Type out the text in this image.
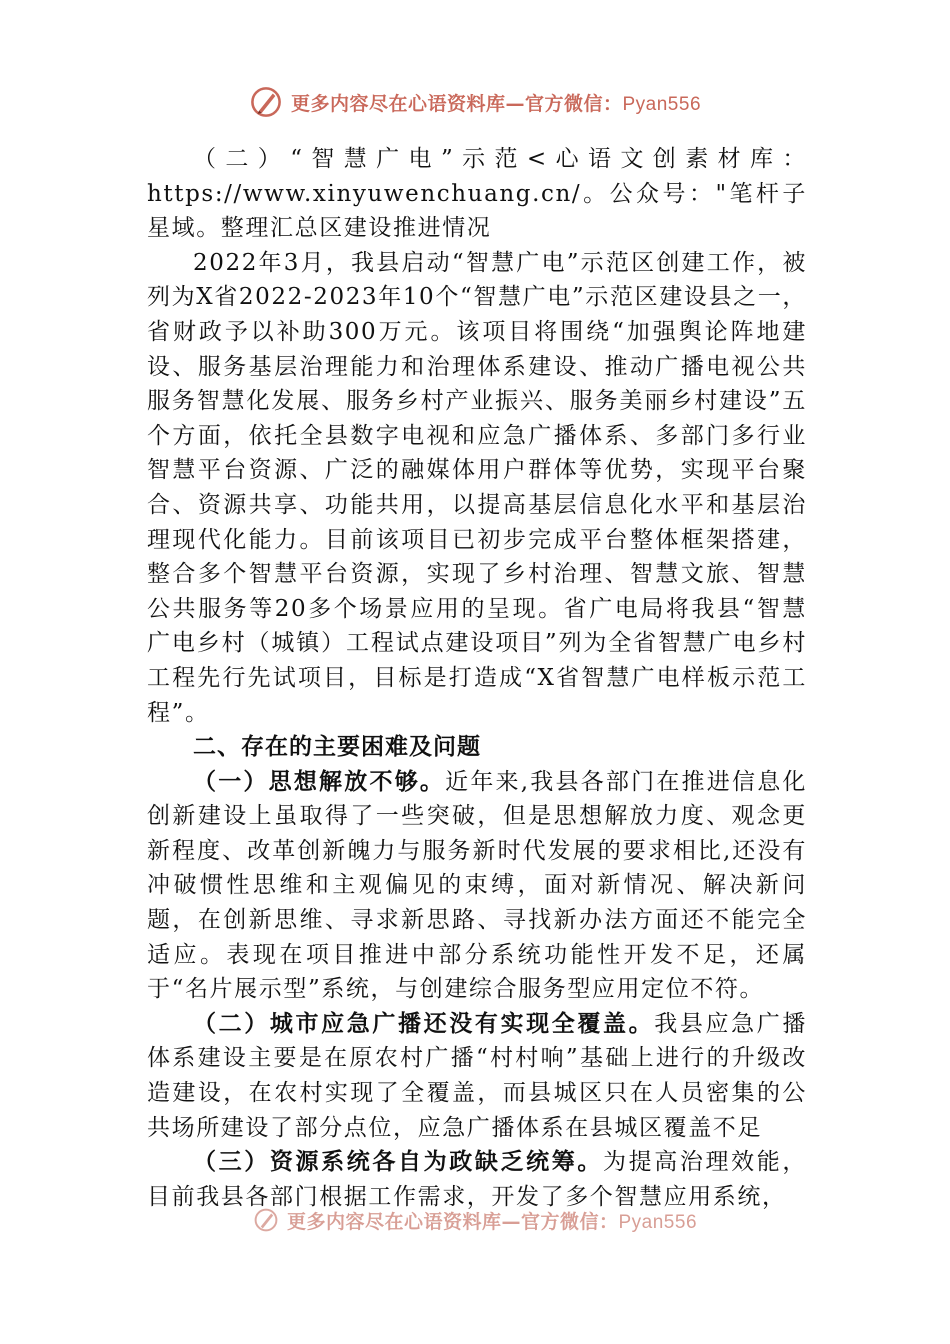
更多内容尽在心语资料库—官方微信：Pyan556

（二）“智慧广电”示范<心语文创素材库：https://www.xinyuwenchuang.cn/。公众号："笔杆子星域。整理汇总区建设推进情况

2022年3月，我县启动“智慧广电”示范区创建工作，被列为X省2022-2023年10个“智慧广电”示范区建设县之一，省财政予以补助300万元。该项目将围绕“加强舆论阵地建设、服务基层治理能力和治理体系建设、推动广播电视公共服务智慧化发展、服务乡村产业振兴、服务美丽乡村建设”五个方面，依托全县数字电视和应急广播体系、多部门多行业智慧平台资源、广泛的融媒体用户群体等优势，实现平台聚合、资源共享、功能共用，以提高基层信息化水平和基层治理现代化能力。目前该项目已初步完成平台整体框架搭建，整合多个智慧平台资源，实现了乡村治理、智慧文旅、智慧公共服务等20多个场景应用的呈现。省广电局将我县“智慧广电乡村（城镇）工程试点建设项目”列为全省智慧广电乡村工程先行先试项目，目标是打造成“X省智慧广电样板示范工程”。

二、存在的主要困难及问题

（一）思想解放不够。近年来,我县各部门在推进信息化创新建设上虽取得了一些突破，但是思想解放力度、观念更新程度、改革创新魄力与服务新时代发展的要求相比,还没有冲破惯性思维和主观偏见的束缚，面对新情况、解决新问题，在创新思维、寻求新思路、寻找新办法方面还不能完全适应。表现在项目推进中部分系统功能性开发不足，还属于“名片展示型”系统，与创建综合服务型应用定位不符。

（二）城市应急广播还没有实现全覆盖。我县应急广播体系建设主要是在原农村广播“村村响”基础上进行的升级改造建设，在农村实现了全覆盖，而县城区只在人员密集的公共场所建设了部分点位，应急广播体系在县城区覆盖不足

（三）资源系统各自为政缺乏统筹。为提高治理效能，目前我县各部门根据工作需求，开发了多个智慧应用系统，

更多内容尽在心语资料库—官方微信：Pyan556
